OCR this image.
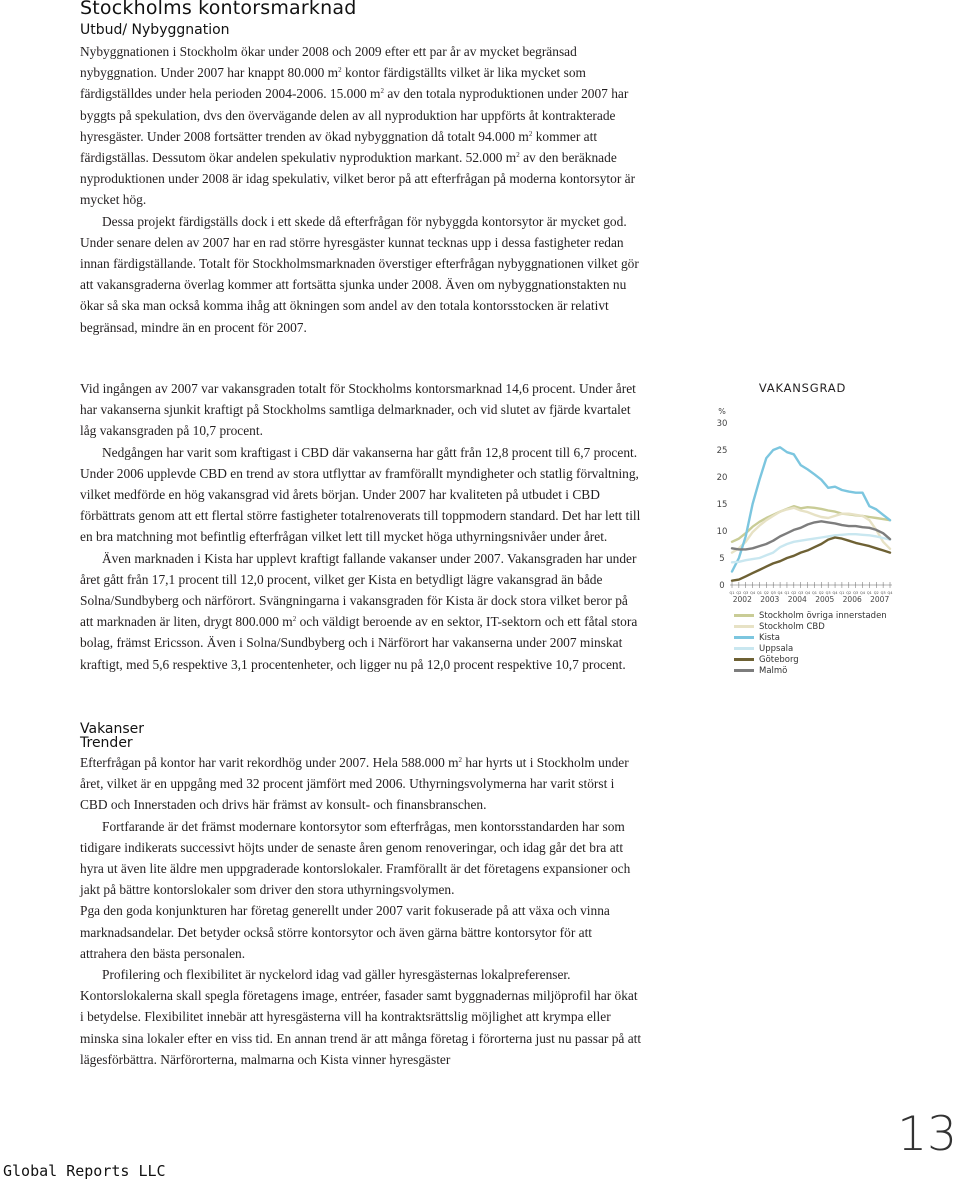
Stockholms kontorsmarknad
Utbud/ Nybyggnation

Nybyggnationen i Stockholm ökar under 2008 och 2009 efter ett par år av mycket begränsad nybyggnation. Under 2007 har knappt 80.000 $m^2$ kontor färdigställts vilket är lika mycket som färdigställdes under hela perioden 2004-2006. 15.000 $m^2$ av den totala nyproduktionen under 2007 har byggts på spekulation, dvs den övervägande delen av all nyproduktion har uppförts åt kontrakterade hyresgäster. Under 2008 fortsätter trenden av ökad nybyggnation då totalt 94.000 $m^2$ kommer att färdigställas. Dessutom ökar andelen spekulativ nyproduktion markant. 52.000 $m^2$ av den beräknade nyproduktionen under 2008 är idag spekulativ, vilket beror på att efterfrågan på moderna kontorsytor är mycket hög.

Dessa projekt färdigställs dock i ett skede då efterfrågan för nybyggda kontorsytor är mycket god. Under senare delen av 2007 har en rad större hyresgäster kunnat tecknas upp i dessa fastigheter redan innan färdigställande. Totalt för Stockholmsmarknaden överstiger efterfrågan nybyggnationen vilket gör att vakansgraderna överlag kommer att fortsätta sjunka under 2008. Även om nybyggnationstakten nu ökar så ska man också komma ihåg att ökningen som andel av den totala kontorsstocken är relativt begränsad, mindre än en procent för 2007.

Vakanser

Vid ingången av 2007 var vakansgraden totalt för Stockholms kontorsmarknad 14,6 procent. Under året har vakanserna sjunkit kraftigt på Stockholms samtliga delmarknader, och vid slutet av fjärde kvartalet låg vakansgraden på 10,7 procent.

Nedgången har varit som kraftigast i CBD där vakanserna har gått från 12,8 procent till 6,7 procent. Under 2006 upplevde CBD en trend av stora utflyttar av framförallt myndigheter och statlig förvaltning, vilket medförde en hög vakansgrad vid årets början. Under 2007 har kvaliteten på utbudet i CBD förbättrats genom att ett flertal större fastigheter totalrenoverats till toppmodern standard. Det har lett till en bra matchning mot befintlig efterfrågan vilket lett till mycket höga uthyrningsnivåer under året.

Även marknaden i Kista har upplevt kraftigt fallande vakanser under 2007. Vakansgraden har under året gått från 17,1 procent till 12,0 procent, vilket ger Kista en betydligt lägre vakansgrad än både Solna/Sundbyberg och närförort. Svängningarna i vakansgraden för Kista är dock stora vilket beror på att marknaden är liten, drygt 800.000 $m^2$ och väldigt beroende av en sektor, IT-sektorn och ett fåtal stora bolag, främst Ericsson. Även i Solna/Sundbyberg och i Närförort har vakanserna under 2007 minskat kraftigt, med 5,6 respektive 3,1 procentenheter, och ligger nu på 12,0 procent respektive 10,7 procent.

Trender

Efterfrågan på kontor har varit rekordhög under 2007. Hela 588.000 $m^2$ har hyrts ut i Stockholm under året, vilket är en uppgång med 32 procent jämfört med 2006. Uthyrningsvolymerna har varit störst i CBD och Innerstaden och drivs här främst av konsult- och finansbranschen.

Fortfarande är det främst modernare kontorsytor som efterfrågas, men kontorsstandarden har som tidigare indikerats successivt höjts under de senaste åren genom renoveringar, och idag går det bra att hyra ut även lite äldre men uppgraderade kontorslokaler. Framförallt är det företagens expansioner och jakt på bättre kontorslokaler som driver den stora uthyrningsvolymen.

Pga den goda konjunkturen har företag generellt under 2007 varit fokuserade på att växa och vinna marknadsandelar. Det betyder också större kontorsytor och även gärna bättre kontorsytor för att attrahera den bästa personalen.

Profilering och flexibilitet är nyckelord idag vad gäller hyresgästernas lokalpreferenser. Kontorslokalerna skall spegla företagens image, entréer, fasader samt byggnadernas miljöprofil har ökat i betydelse. Flexibilitet innebär att hyresgästerna vill ha kontraktsrättslig möjlighet att krympa eller minska sina lokaler efter en viss tid. En annan trend är att många företag i förorterna just nu passar på att lägesförbättra. Närförorterna, malmarna och Kista vinner hyresgäster

VAKANSGRAD
%
0
5
10
15
20
25
30
Q1 Q2 Q3 Q4 Q1 Q2 Q3 Q4 Q1 Q2 Q3 Q4 Q1 Q2 Q3 Q4 Q1 Q2 Q3 Q4 Q1 Q2 Q3 Q4
2002 2003 2004 2005 2006 2007
Stockholm övriga innerstaden
Stockholm CBD
Kista
Uppsala
Göteborg
Malmö
Global Reports LLC
13
